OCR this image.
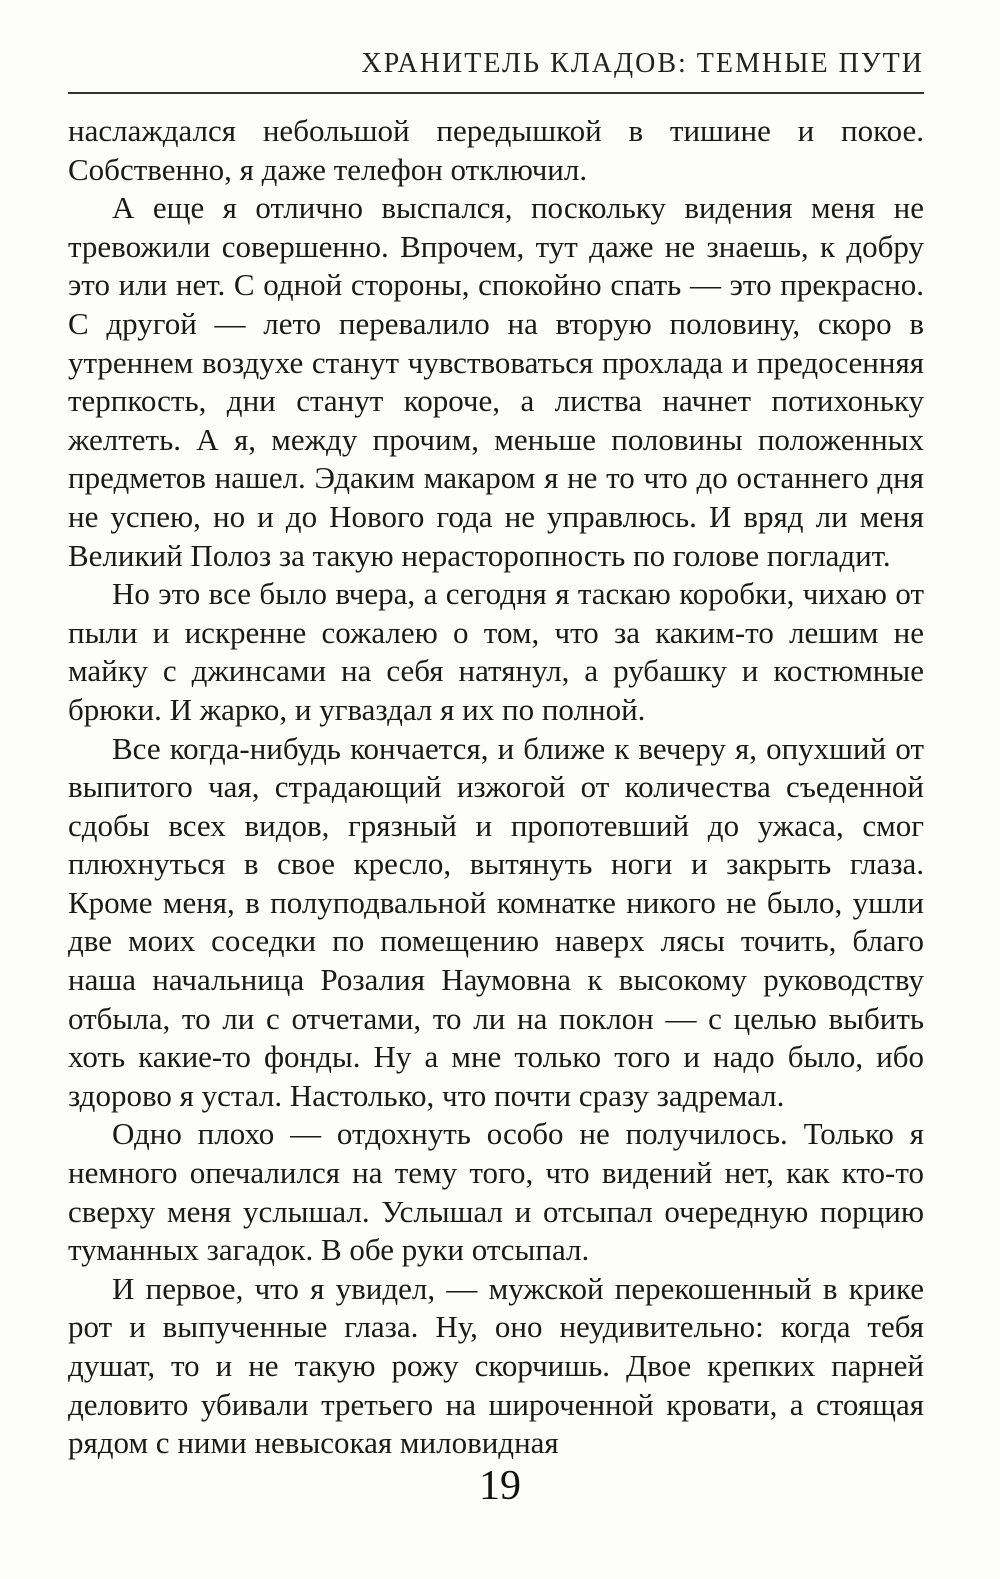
ХРАНИТЕЛЬ КЛАДОВ: ТЕМНЫЕ ПУТИ

наслаждался небольшой передышкой в тишине и покое. Собственно, я даже телефон отключил.

А еще я отлично выспался, поскольку видения меня не тревожили совершенно. Впрочем, тут даже не знаешь, к добру это или нет. С одной стороны, спокойно спать — это прекрасно. С другой — лето перевалило на вторую половину, скоро в утреннем воздухе станут чувствоваться прохлада и предосенняя терпкость, дни станут короче, а листва начнет потихоньку желтеть. А я, между прочим, меньше половины положенных предметов нашел. Эдаким макаром я не то что до останнего дня не успею, но и до Нового года не управлюсь. И вряд ли меня Великий Полоз за такую нерасторопность по голове погладит.

Но это все было вчера, а сегодня я таскаю коробки, чихаю от пыли и искренне сожалею о том, что за каким-то лешим не майку с джинсами на себя натянул, а рубашку и костюмные брюки. И жарко, и угваздал я их по полной.

Все когда-нибудь кончается, и ближе к вечеру я, опухший от выпитого чая, страдающий изжогой от количества съеденной сдобы всех видов, грязный и пропотевший до ужаса, смог плюхнуться в свое кресло, вытянуть ноги и закрыть глаза. Кроме меня, в полуподвальной комнатке никого не было, ушли две моих соседки по помещению наверх лясы точить, благо наша начальница Розалия Наумовна к высокому руководству отбыла, то ли с отчетами, то ли на поклон — с целью выбить хоть какие-то фонды. Ну а мне только того и надо было, ибо здорово я устал. Настолько, что почти сразу задремал.

Одно плохо — отдохнуть особо не получилось. Только я немного опечалился на тему того, что видений нет, как кто-то сверху меня услышал. Услышал и отсыпал очередную порцию туманных загадок. В обе руки отсыпал.

И первое, что я увидел, — мужской перекошенный в крике рот и выпученные глаза. Ну, оно неудивительно: когда тебя душат, то и не такую рожу скорчишь. Двое крепких парней деловито убивали третьего на широченной кровати, а стоящая рядом с ними невысокая миловидная

19
